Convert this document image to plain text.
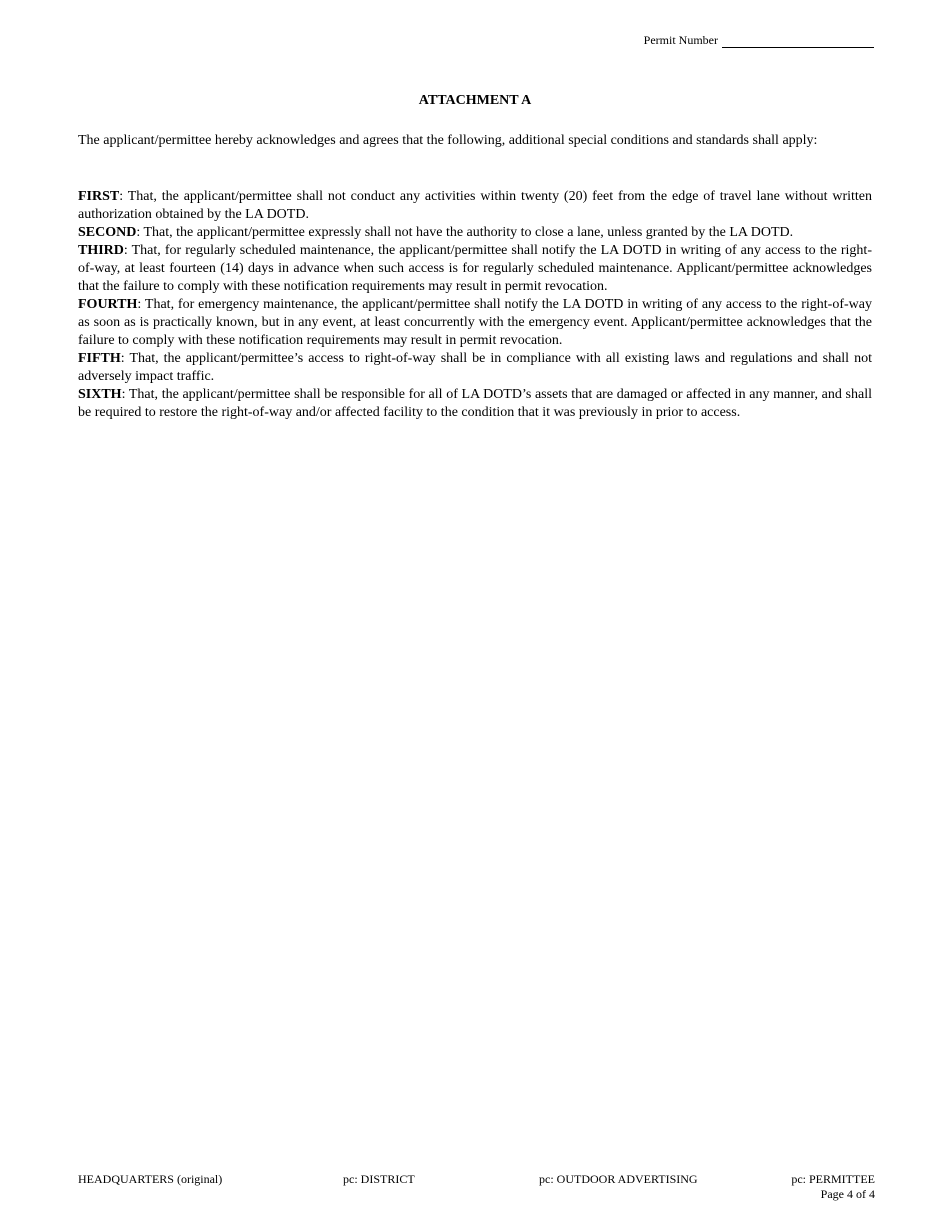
Permit Number
ATTACHMENT A

The applicant/permittee hereby acknowledges and agrees that the following, additional special conditions and standards shall apply:

FIRST: That, the applicant/permittee shall not conduct any activities within twenty (20) feet from the edge of travel lane without written authorization obtained by the LA DOTD.

SECOND: That, the applicant/permittee expressly shall not have the authority to close a lane, unless granted by the LA DOTD.

THIRD: That, for regularly scheduled maintenance, the applicant/permittee shall notify the LA DOTD in writing of any access to the right-of-way, at least fourteen (14) days in advance when such access is for regularly scheduled maintenance. Applicant/permittee acknowledges that the failure to comply with these notification requirements may result in permit revocation.

FOURTH: That, for emergency maintenance, the applicant/permittee shall notify the LA DOTD in writing of any access to the right-of-way as soon as is practically known, but in any event, at least concurrently with the emergency event. Applicant/permittee acknowledges that the failure to comply with these notification requirements may result in permit revocation.

FIFTH: That, the applicant/permittee’s access to right-of-way shall be in compliance with all existing laws and regulations and shall not adversely impact traffic.

SIXTH: That, the applicant/permittee shall be responsible for all of LA DOTD’s assets that are damaged or affected in any manner, and shall be required to restore the right-of-way and/or affected facility to the condition that it was previously in prior to access.

HEADQUARTERS (original)	pc: DISTRICT	pc: OUTDOOR ADVERTISING	pc: PERMITTEE
Page 4 of 4
